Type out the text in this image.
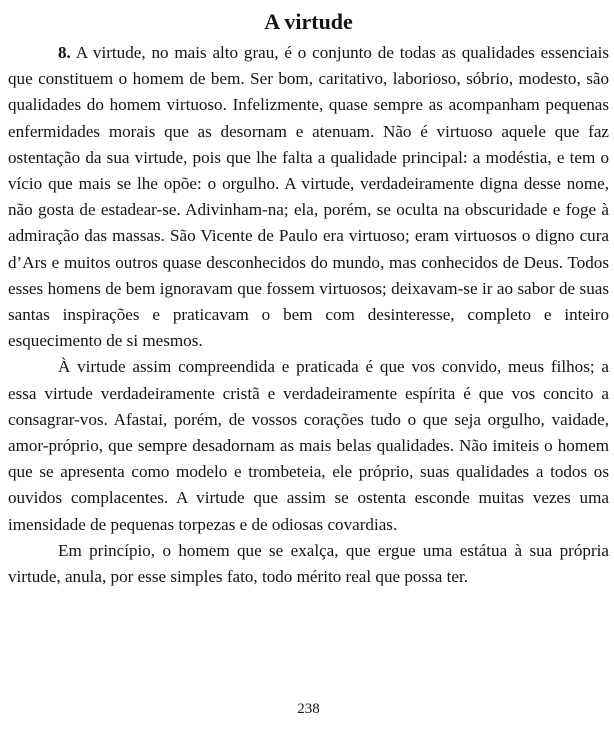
A virtude

8. A virtude, no mais alto grau, é o conjunto de todas as qualidades essenciais que constituem o homem de bem. Ser bom, caritativo, laborioso, sóbrio, modesto, são qualidades do homem virtuoso. Infelizmente, quase sempre as acompanham pequenas enfermidades morais que as desornam e atenuam. Não é virtuoso aquele que faz ostentação da sua virtude, pois que lhe falta a qualidade principal: a modéstia, e tem o vício que mais se lhe opõe: o orgulho. A virtude, verdadeiramente digna desse nome, não gosta de estadear-se. Adivinham-na; ela, porém, se oculta na obscuridade e foge à admiração das massas. São Vicente de Paulo era virtuoso; eram virtuosos o digno cura d’Ars e muitos outros quase desconhecidos do mundo, mas conhecidos de Deus. Todos esses homens de bem ignoravam que fossem virtuosos; deixavam-se ir ao sabor de suas santas inspirações e praticavam o bem com desinteresse, completo e inteiro esquecimento de si mesmos.

À virtude assim compreendida e praticada é que vos convido, meus filhos; a essa virtude verdadeiramente cristã e verdadeiramente espírita é que vos concito a consagrar-vos. Afastai, porém, de vossos corações tudo o que seja orgulho, vaidade, amor-próprio, que sempre desadornam as mais belas qualidades. Não imiteis o homem que se apresenta como modelo e trombeteia, ele próprio, suas qualidades a todos os ouvidos complacentes. A virtude que assim se ostenta esconde muitas vezes uma imensidade de pequenas torpezas e de odiosas covardias.

Em princípio, o homem que se exalça, que ergue uma estátua à sua própria virtude, anula, por esse simples fato, todo mérito real que possa ter.

238
